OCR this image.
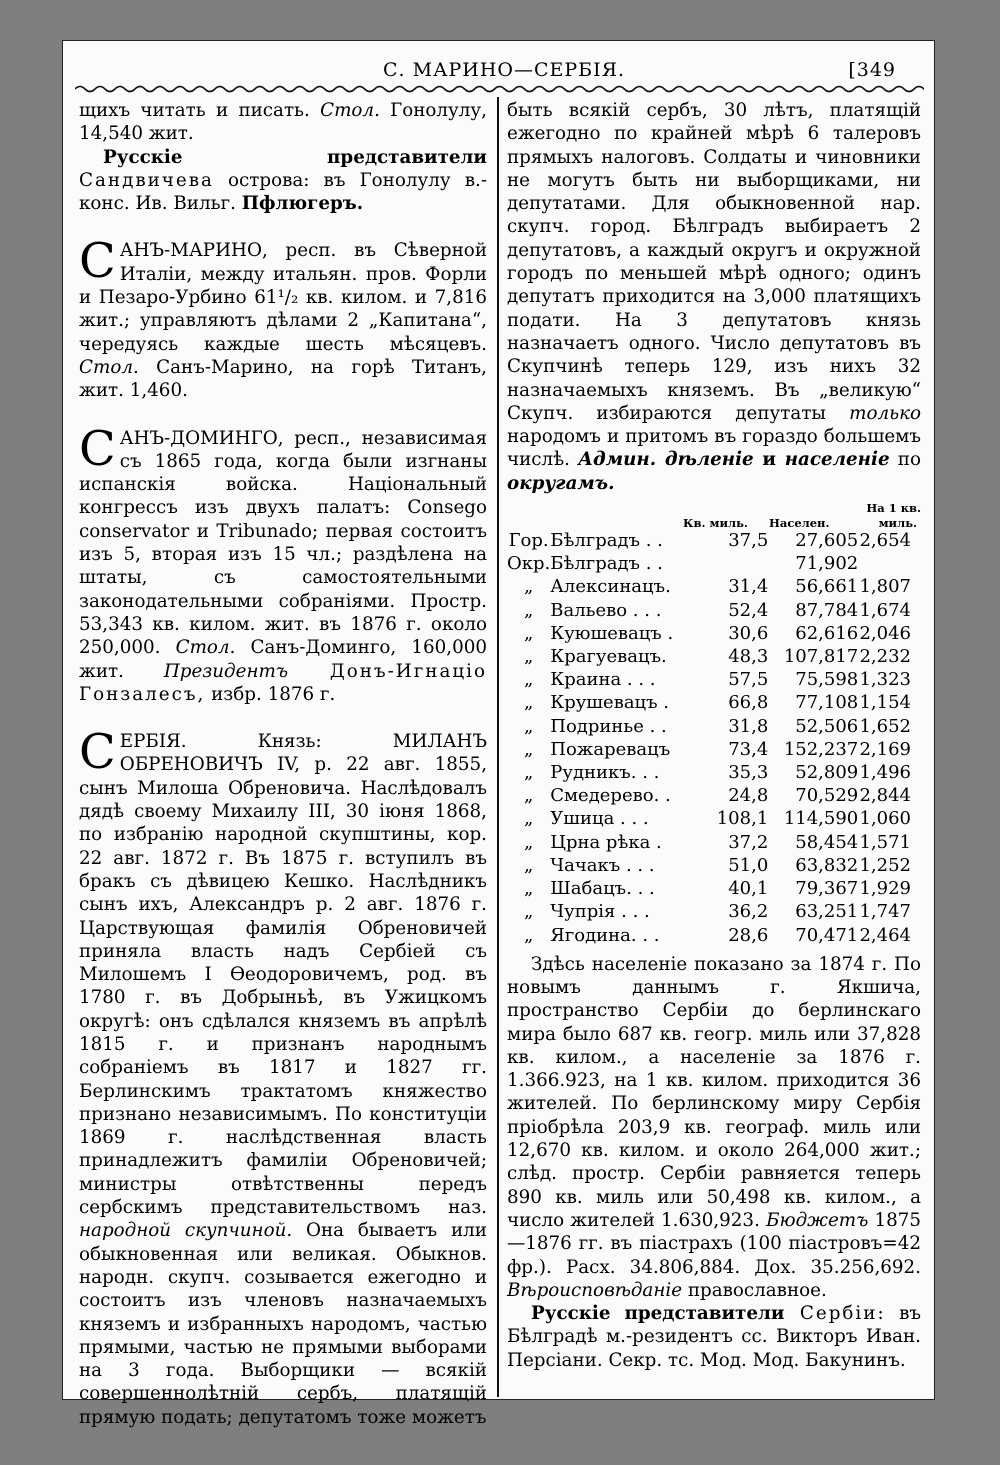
С. МАРИНО—СЕРБІЯ.	[349

щихъ читать и писать. Стол. Гонолулу, 14,540 жит.

Русскіе представители Сандвичева острова: въ Гонолулу в.-конс. Ив. Вильг. Пфлюгеръ.

САНЪ-МАРИНО, респ. въ Сѣверной Италіи, между итальян. пров. Форли и Пезаро-Урбино 61¹/₂ кв. килом. и 7,816 жит.; управляютъ дѣлами 2 „Капитана“, чередуясь каждые шесть мѣсяцевъ. Стол. Санъ-Марино, на горѣ Титанъ, жит. 1,460.

САНЪ-ДОМИНГО, респ., независимая съ 1865 года, когда были изгнаны испанскія войска. Національный конгрессъ изъ двухъ палатъ: Consego conservator и Tribunado; первая состоитъ изъ 5, вторая изъ 15 чл.; раздѣлена на штаты, съ самостоятельными законодательными собраніями. Простр. 53,343 кв. килом. жит. въ 1876 г. около 250,000. Стол. Санъ-Доминго, 160,000 жит. Президентъ Донъ-Игнаціо Гонзалесъ, избр. 1876 г.

СЕРБІЯ. Князь: МИЛАНЪ ОБРЕНОВИЧЪ IV, р. 22 авг. 1855, сынъ Милоша Обреновича. Наслѣдовалъ дядѣ своему Михаилу III, 30 іюня 1868, по избранію народной скупштины, кор. 22 авг. 1872 г. Въ 1875 г. вступилъ въ бракъ съ дѣвицею Кешко. Наслѣдникъ сынъ ихъ, Александръ р. 2 авг. 1876 г. Царствующая фамилія Обреновичей приняла власть надъ Сербіей съ Милошемъ I Ѳеодоровичемъ, род. въ 1780 г. въ Добрыньѣ, въ Ужицкомъ округѣ: онъ сдѣлался княземъ въ апрѣлѣ 1815 г. и признанъ народнымъ собраніемъ въ 1817 и 1827 гг. Берлинскимъ трактатомъ княжество признано независимымъ. По конституціи 1869 г. наслѣдственная власть принадлежитъ фамиліи Обреновичей; министры отвѣтственны передъ сербскимъ представительствомъ наз. народной скупчиной. Она бываетъ или обыкновенная или великая. Обыкнов. народн. скупч. созывается ежегодно и состоитъ изъ членовъ назначаемыхъ княземъ и избранныхъ народомъ, частью прямыми, частью не прямыми выборами на 3 года. Выборщики — всякій совершеннолѣтній сербъ, платящій прямую подать; депутатомъ тоже можетъ

быть всякій сербъ, 30 лѣтъ, платящій ежегодно по крайней мѣрѣ 6 талеровъ прямыхъ налоговъ. Солдаты и чиновники не могутъ быть ни выборщиками, ни депутатами. Для обыкновенной нар. скупч. город. Бѣлградъ выбираетъ 2 депутатовъ, а каждый округъ и окружной городъ по меньшей мѣрѣ одного; одинъ депутатъ приходится на 3,000 платящихъ подати. На 3 депутатовъ князь назначаетъ одного. Число депутатовъ въ Скупчинѣ теперь 129, изъ нихъ 32 назначаемыхъ княземъ. Въ „великую“ Скупч. избираются депутаты только народомъ и притомъ въ гораздо большемъ числѣ. Админ. дѣленіе и населеніе по округамъ.

На 1 кв.
Кв. миль. Населен.	миль.
Гор.	Бѣлградъ . .	37,5	27,605	2,654
Окр.	Бѣлградъ . .		71,902	
„	Алексинацъ.	31,4	56,661	1,807
„	Вальево . . .	52,4	87,784	1,674
„	Куюшевацъ .	30,6	62,616	2,046
„	Крагуевацъ.	48,3	107,817	2,232
„	Краина . . .	57,5	75,598	1,323
„	Крушевацъ .	66,8	77,108	1,154
„	Подринье . .	31,8	52,506	1,652
„	Пожаревацъ	73,4	152,237	2,169
„	Рудникъ. . .	35,3	52,809	1,496
„	Смедерево. .	24,8	70,529	2,844
„	Ушица . . .	108,1	114,590	1,060
„	Црна рѣка .	37,2	58,454	1,571
„	Чачакъ . . .	51,0	63,832	1,252
„	Шабацъ. . .	40,1	79,367	1,929
„	Чупрія . . .	36,2	63,251	1,747
„	Ягодина. . .	28,6	70,471	2,464

Здѣсь населеніе показано за 1874 г. По новымъ даннымъ г. Якшича, пространство Сербіи до берлинскаго мира было 687 кв. геогр. миль или 37,828 кв. килом., а населеніе за 1876 г. 1.366.923, на 1 кв. килом. приходится 36 жителей. По берлинскому миру Сербія пріобрѣла 203,9 кв. географ. миль или 12,670 кв. килом. и около 264,000 жит.; слѣд. простр. Сербіи равняется теперь 890 кв. миль или 50,498 кв. килом., а число жителей 1.630,923. Бюджетъ 1875—1876 гг. въ піастрахъ (100 піастровъ=42 фр.). Расх. 34.806,884. Дох. 35.256,692. Вѣроисповѣданіе православное.

Русскіе представители Сербіи: въ Бѣлградѣ м.-резидентъ сс. Викторъ Иван. Персіани. Секр. тс. Мод. Мод. Бакунинъ.
